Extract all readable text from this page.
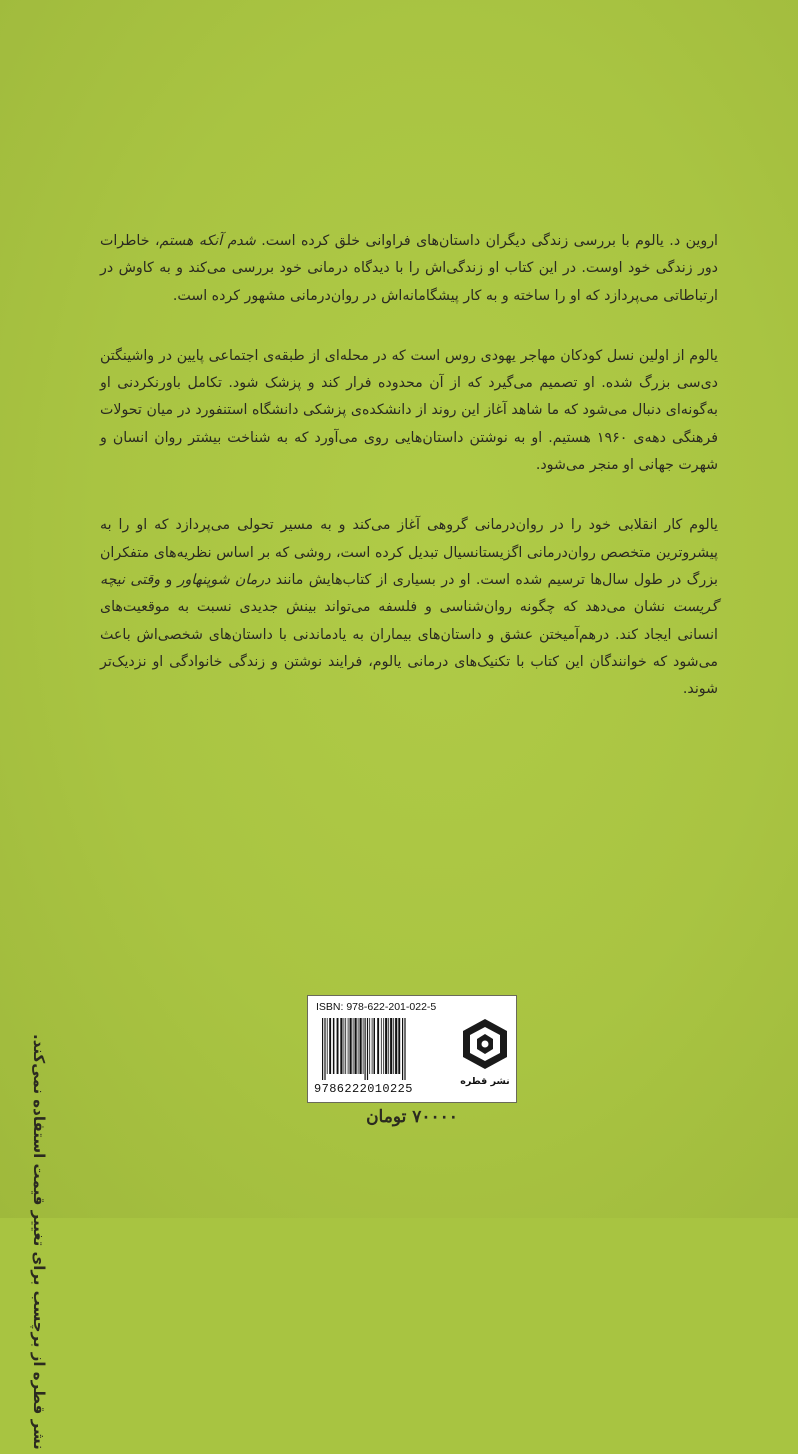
اروین د. یالوم با بررسی زندگی دیگران داستان‌های فراوانی خلق کرده است. شدم آنکه هستم، خاطرات دور زندگی خود اوست. در این کتاب او زندگی‌اش را با دیدگاه درمانی خود بررسی می‌کند و به کاوش در ارتباطاتی می‌پردازد که او را ساخته و به کار پیشگامانه‌اش در روان‌درمانی مشهور کرده است.

یالوم از اولین نسل کودکان مهاجر یهودی روس است که در محله‌ای از طبقه‌ی اجتماعی پایین در واشینگتن دی‌سی بزرگ شده. او تصمیم می‌گیرد که از آن محدوده فرار کند و پزشک شود. تکامل باورنکردنی او به‌گونه‌ای دنبال می‌شود که ما شاهد آغاز این روند از دانشکده‌ی پزشکی دانشگاه استنفورد در میان تحولات فرهنگی دهه‌ی ۱۹۶۰ هستیم. او به نوشتن داستان‌هایی روی می‌آورد که به شناخت بیشتر روان انسان و شهرت جهانی او منجر می‌شود.

یالوم کار انقلابی خود را در روان‌درمانی گروهی آغاز می‌کند و به مسیر تحولی می‌پردازد که او را به پیشروترین متخصص روان‌درمانی اگزیستانسیال تبدیل کرده است، روشی که بر اساس نظریه‌های متفکران بزرگ در طول سال‌ها ترسیم شده است. او در بسیاری از کتاب‌هایش مانند درمان شوپنهاور و وقتی نیچه گریست نشان می‌دهد که چگونه روان‌شناسی و فلسفه می‌تواند بینش جدیدی نسبت به موقعیت‌های انسانی ایجاد کند. درهم‌آمیختن عشق و داستان‌های بیماران به یادماندنی با داستان‌های شخصی‌اش باعث می‌شود که خوانندگان این کتاب با تکنیک‌های درمانی یالوم، فرایند نوشتن و زندگی خانوادگی او نزدیک‌تر شوند.

نشر قطره از برچسب برای تغییر قیمت استفاده نمی‌کند.
ISBN: 978-622-201-022-5
9786222010225
نشر قطره
۷۰۰۰۰ تومان
